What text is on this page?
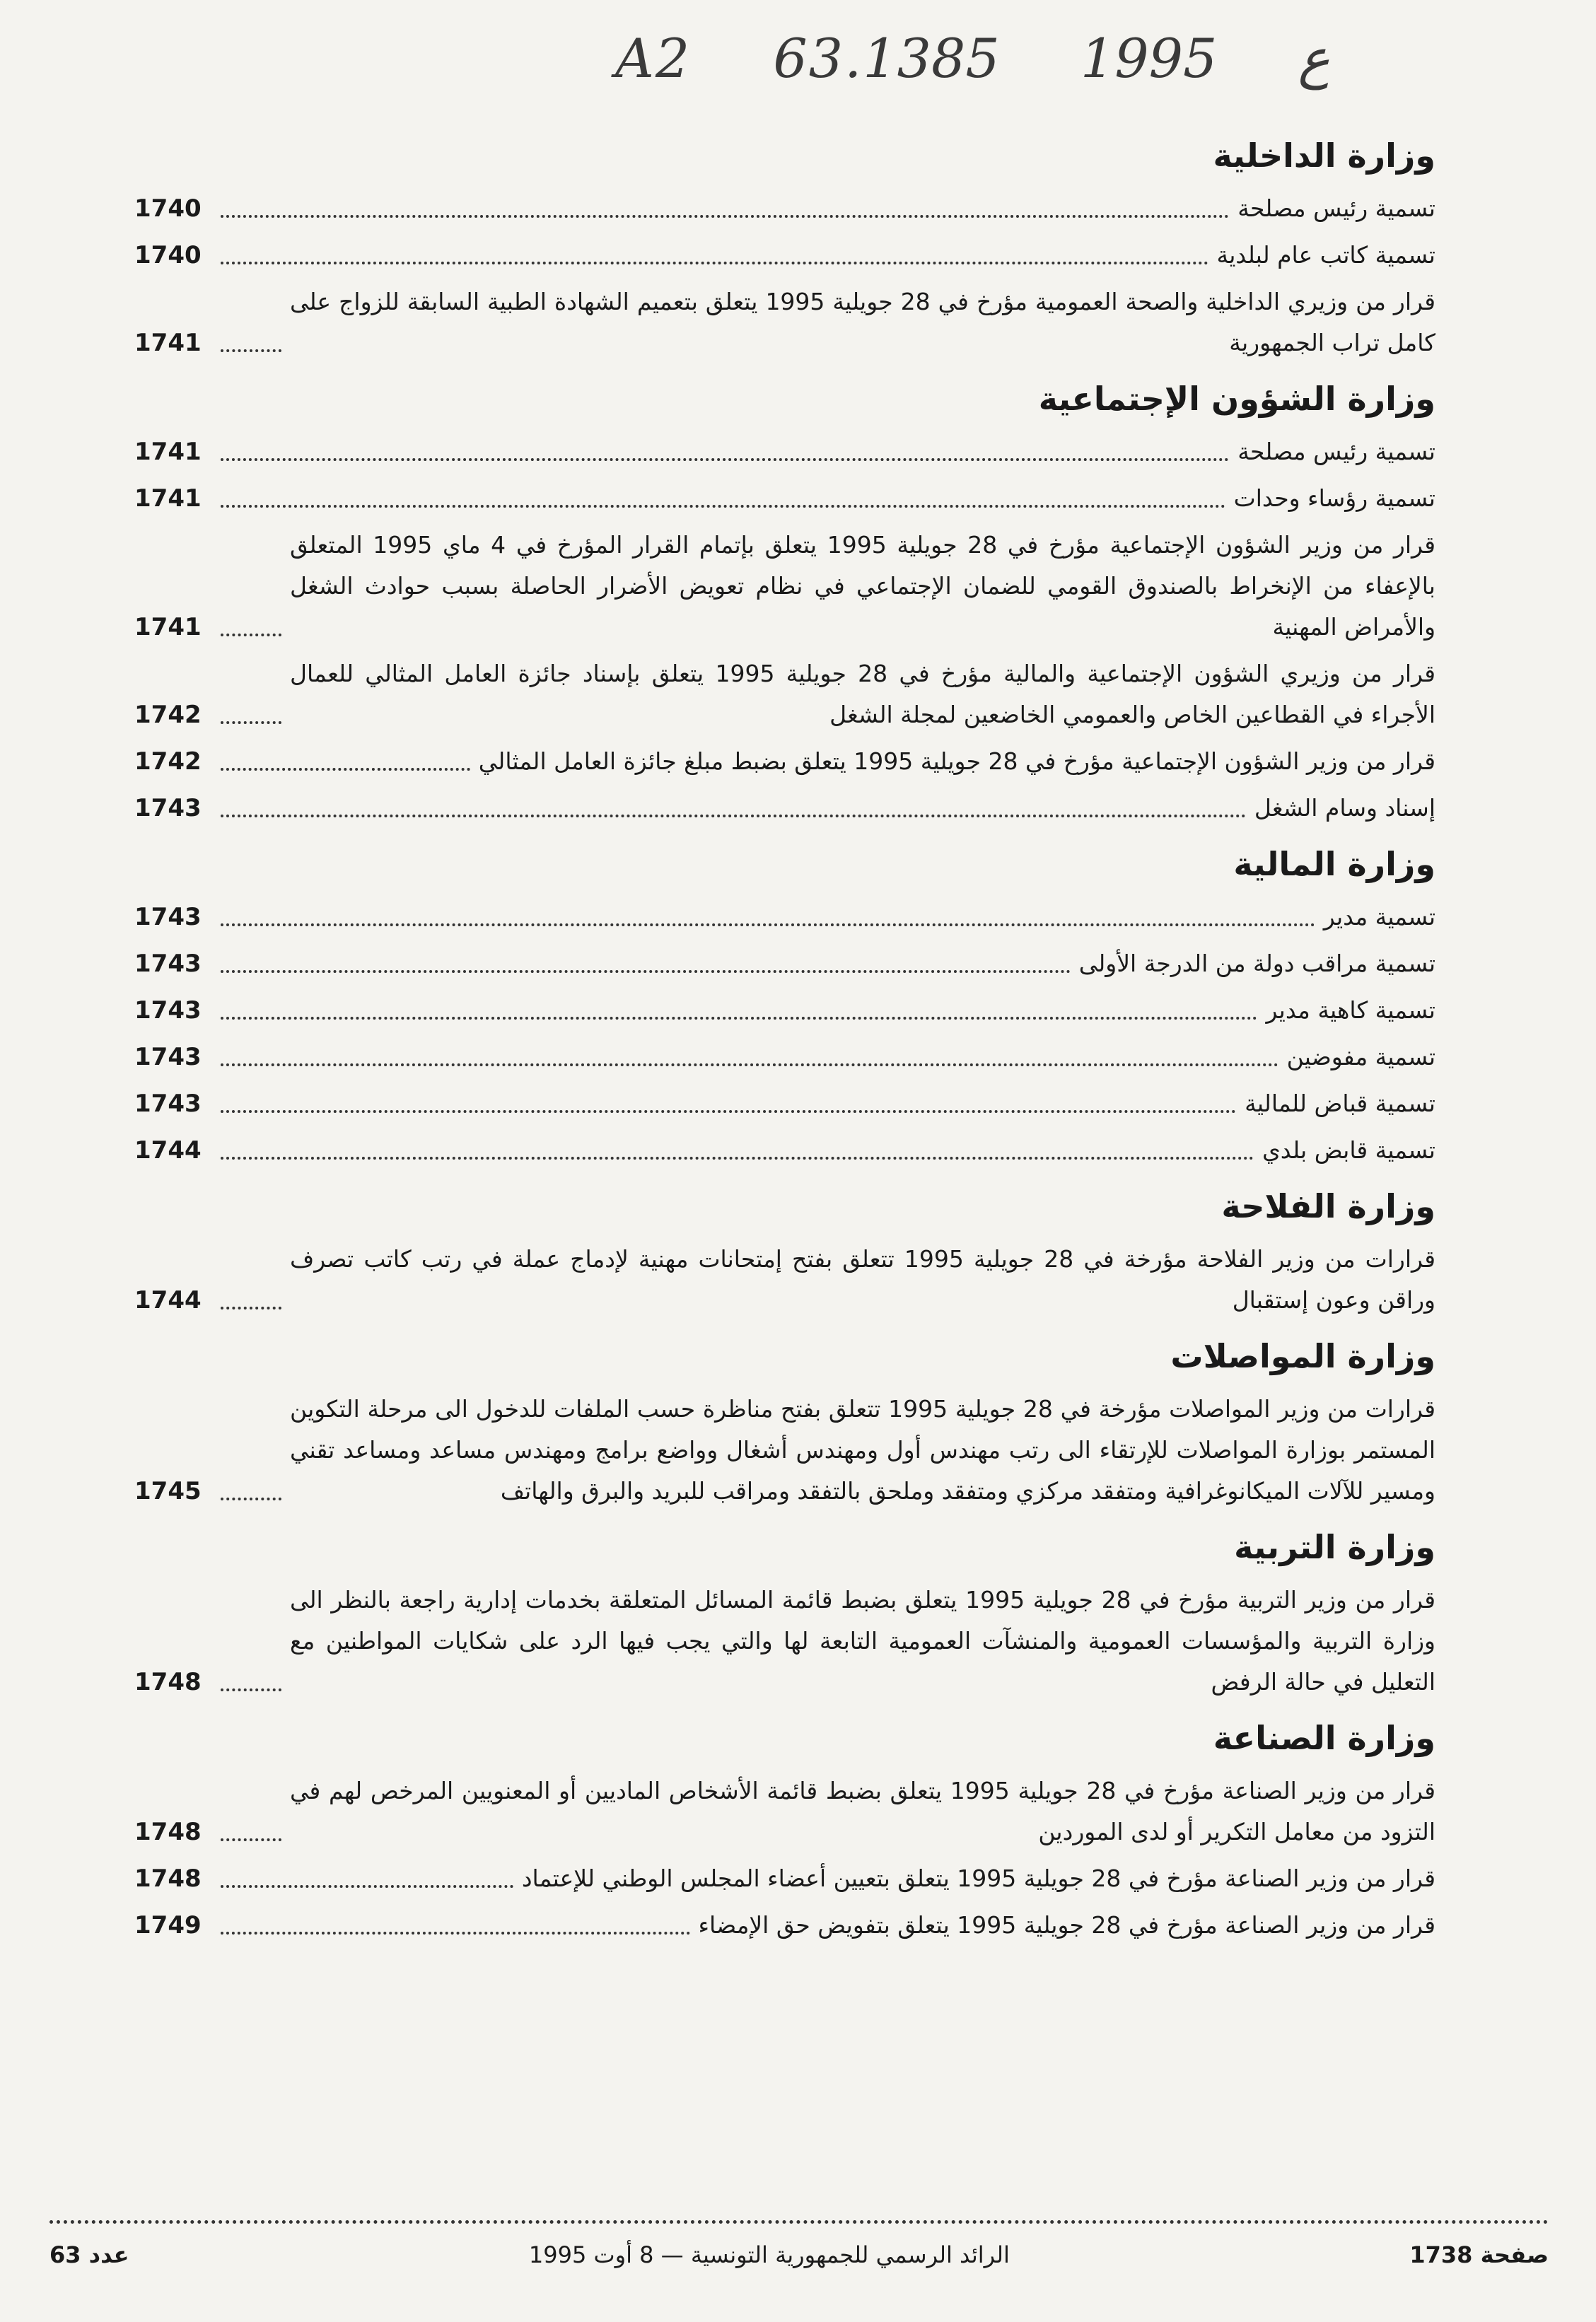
A2 63.ع 1995 1385
وزارة الداخلية
تسمية رئيس مصلحة
1740
تسمية كاتب عام لبلدية
1740
قرار من وزيري الداخلية والصحة العمومية مؤرخ في 28 جويلية 1995 يتعلق بتعميم الشهادة الطبية السابقة للزواج على كامل تراب الجمهورية
1741
وزارة الشؤون الإجتماعية
تسمية رئيس مصلحة
1741
تسمية رؤساء وحدات
1741
قرار من وزير الشؤون الإجتماعية مؤرخ في 28 جويلية 1995 يتعلق بإتمام القرار المؤرخ في 4 ماي 1995 المتعلق بالإعفاء من الإنخراط بالصندوق القومي للضمان الإجتماعي في نظام تعويض الأضرار الحاصلة بسبب حوادث الشغل والأمراض المهنية
1741
قرار من وزيري الشؤون الإجتماعية والمالية مؤرخ في 28 جويلية 1995 يتعلق بإسناد جائزة العامل المثالي للعمال الأجراء في القطاعين الخاص والعمومي الخاضعين لمجلة الشغل
1742
قرار من وزير الشؤون الإجتماعية مؤرخ في 28 جويلية 1995 يتعلق بضبط مبلغ جائزة العامل المثالي
1742
إسناد وسام الشغل
1743
وزارة المالية
تسمية مدير
1743
تسمية مراقب دولة من الدرجة الأولى
1743
تسمية كاهية مدير
1743
تسمية مفوضين
1743
تسمية قباض للمالية
1743
تسمية قابض بلدي
1744
وزارة الفلاحة
قرارات من وزير الفلاحة مؤرخة في 28 جويلية 1995 تتعلق بفتح إمتحانات مهنية لإدماج عملة في رتب كاتب تصرف وراقن وعون إستقبال
1744
وزارة المواصلات
قرارات من وزير المواصلات مؤرخة في 28 جويلية 1995 تتعلق بفتح مناظرة حسب الملفات للدخول الى مرحلة التكوين المستمر بوزارة المواصلات للإرتقاء الى رتب مهندس أول ومهندس أشغال وواضع برامج ومهندس مساعد ومساعد تقني ومسير للآلات الميكانوغرافية ومتفقد مركزي ومتفقد وملحق بالتفقد ومراقب للبريد والبرق والهاتف
1745
وزارة التربية
قرار من وزير التربية مؤرخ في 28 جويلية 1995 يتعلق بضبط قائمة المسائل المتعلقة بخدمات إدارية راجعة بالنظر الى وزارة التربية والمؤسسات العمومية والمنشآت العمومية التابعة لها والتي يجب فيها الرد على شكايات المواطنين مع التعليل في حالة الرفض
1748
وزارة الصناعة
قرار من وزير الصناعة مؤرخ في 28 جويلية 1995 يتعلق بضبط قائمة الأشخاص الماديين أو المعنويين المرخص لهم في التزود من معامل التكرير أو لدى الموردين
1748
قرار من وزير الصناعة مؤرخ في 28 جويلية 1995 يتعلق بتعيين أعضاء المجلس الوطني للإعتماد
1748
قرار من وزير الصناعة مؤرخ في 28 جويلية 1995 يتعلق بتفويض حق الإمضاء
1749
صفحة 1738
الرائد الرسمي للجمهورية التونسية — 8 أوت 1995
عدد 63
